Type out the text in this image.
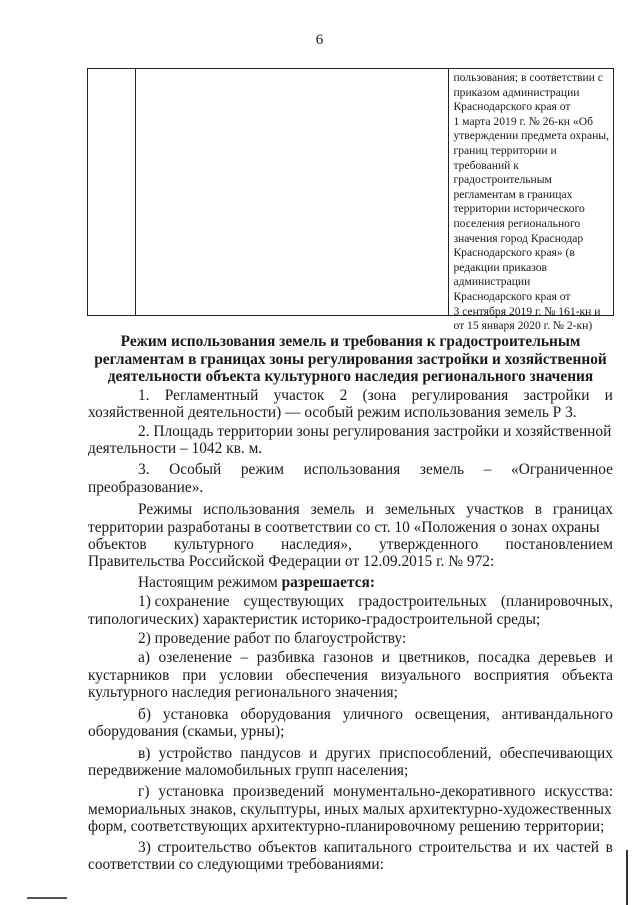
6
пользования; в соответствии с
приказом администрации
Краснодарского края от
1 марта 2019 г. № 26-кн «Об
утверждении предмета охраны,
границ территории и
требований к
градостроительным
регламентам в границах
территории исторического
поселения регионального
значения город Краснодар
Краснодарского края» (в
редакции приказов
администрации
Краснодарского края от
3 сентября 2019 г. № 161-кн и
от 15 января 2020 г. № 2-кн)
Режим использования земель и требования к градостроительным
регламентам в границах зоны регулирования застройки и хозяйственной
деятельности объекта культурного наследия регионального значения
1. Регламентный участок 2 (зона регулирования застройки и
хозяйственной деятельности) — особый режим использования земель Р 3.
2. Площадь территории зоны регулирования застройки и хозяйственной
деятельности – 1042 кв. м.
3. Особый режим использования земель – «Ограниченное
преобразование».
Режимы использования земель и земельных участков в границах
территории разработаны в соответствии со ст. 10 «Положения о зонах охраны
объектов культурного наследия», утвержденного постановлением
Правительства Российской Федерации от 12.09.2015 г. № 972:
Настоящим режимом разрешается:
1) сохранение существующих градостроительных (планировочных,
типологических) характеристик историко-градостроительной среды;
2) проведение работ по благоустройству:
а) озеленение – разбивка газонов и цветников, посадка деревьев и
кустарников при условии обеспечения визуального восприятия объекта
культурного наследия регионального значения;
б) установка оборудования уличного освещения, антивандального
оборудования (скамьи, урны);
в) устройство пандусов и других приспособлений, обеспечивающих
передвижение маломобильных групп населения;
г) установка произведений монументально-декоративного искусства:
мемориальных знаков, скульптуры, иных малых архитектурно-художественных
форм, соответствующих архитектурно-планировочному решению территории;
3) строительство объектов капитального строительства и их частей в
соответствии со следующими требованиями:
